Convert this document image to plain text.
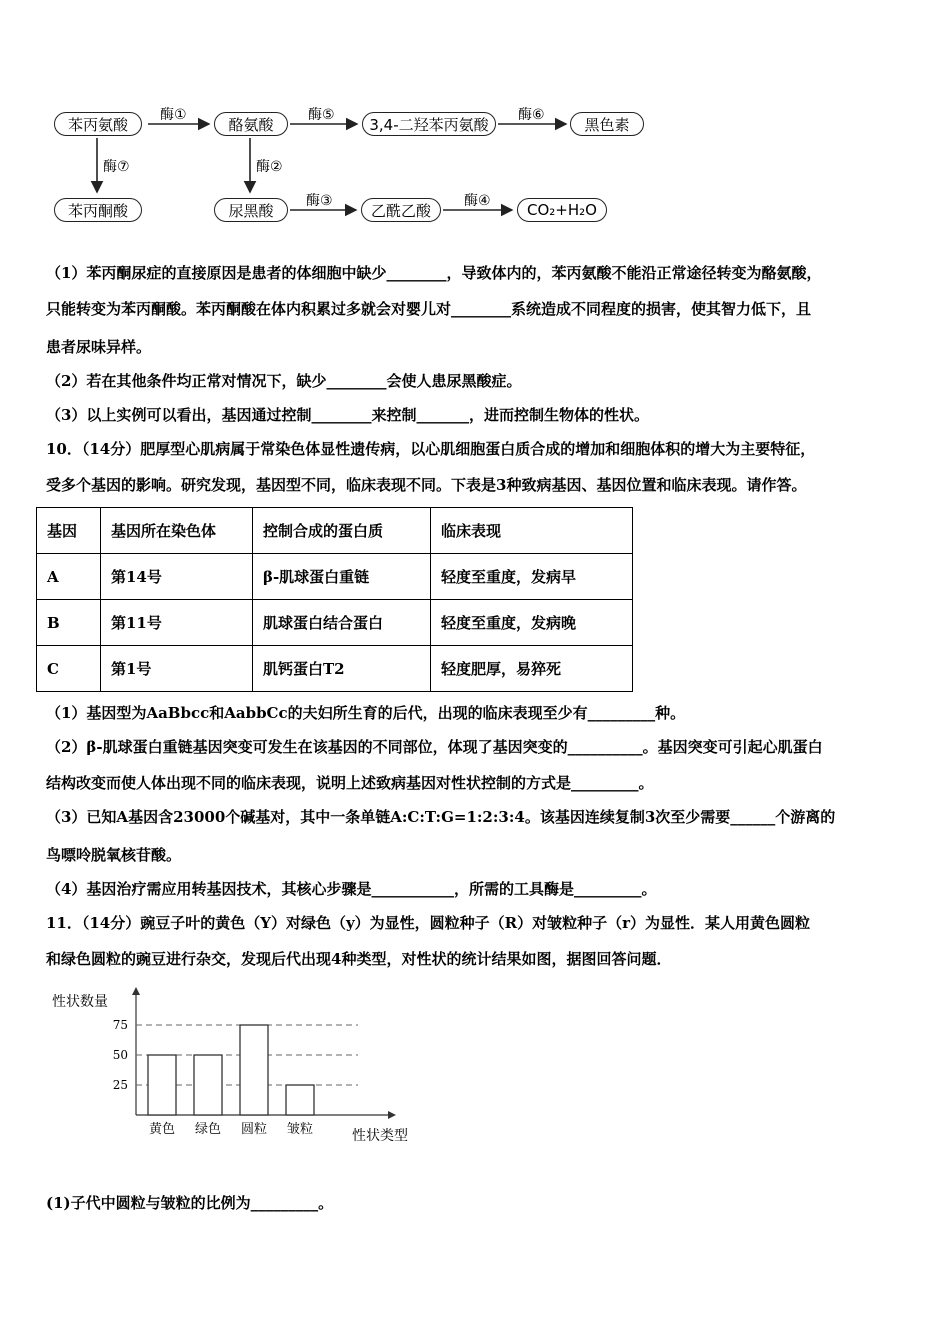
苯丙氨酸	酪氨酸	3,4-二羟苯丙氨酸	黑色素
苯丙酮酸	尿黑酸	乙酰乙酸	CO₂+H₂O
酶①	酶⑤	酶⑥
酶⑦	酶②
酶③	酶④
（1）苯丙酮尿症的直接原因是患者的体细胞中缺少________，导致体内的，苯丙氨酸不能沿正常途径转变为酪氨酸，
只能转变为苯丙酮酸。苯丙酮酸在体内积累过多就会对婴儿对________系统造成不同程度的损害，使其智力低下，且
患者尿味异样。
（2）若在其他条件均正常对情况下，缺少________会使人患尿黑酸症。
（3）以上实例可以看出，基因通过控制________来控制_______，进而控制生物体的性状。
10．（14分）肥厚型心肌病属于常染色体显性遗传病，以心肌细胞蛋白质合成的增加和细胞体积的增大为主要特征，
受多个基因的影响。研究发现，基因型不同，临床表现不同。下表是3种致病基因、基因位置和临床表现。请作答。
基因	基因所在染色体	控制合成的蛋白质	临床表现
A	第14号	β-肌球蛋白重链	轻度至重度，发病早
B	第11号	肌球蛋白结合蛋白	轻度至重度，发病晚
C	第1号	肌钙蛋白T2	轻度肥厚，易猝死
（1）基因型为AaBbcc和AabbCc的夫妇所生育的后代，出现的临床表现至少有_________种。
（2）β-肌球蛋白重链基因突变可发生在该基因的不同部位，体现了基因突变的__________。基因突变可引起心肌蛋白
结构改变而使人体出现不同的临床表现，说明上述致病基因对性状控制的方式是_________。
（3）已知A基因含23000个碱基对，其中一条单链A:C:T:G=1:2:3:4。该基因连续复制3次至少需要______个游离的
鸟嘌呤脱氧核苷酸。
（4）基因治疗需应用转基因技术，其核心步骤是___________，所需的工具酶是_________。
11．（14分）豌豆子叶的黄色（Y）对绿色（y）为显性，圆粒种子（R）对皱粒种子（r）为显性．某人用黄色圆粒
和绿色圆粒的豌豆进行杂交，发现后代出现4种类型，对性状的统计结果如图，据图回答问题．
性状数量
性状类型
25
50
75
黄色 绿色 圆粒 皱粒
(1)子代中圆粒与皱粒的比例为_________。
